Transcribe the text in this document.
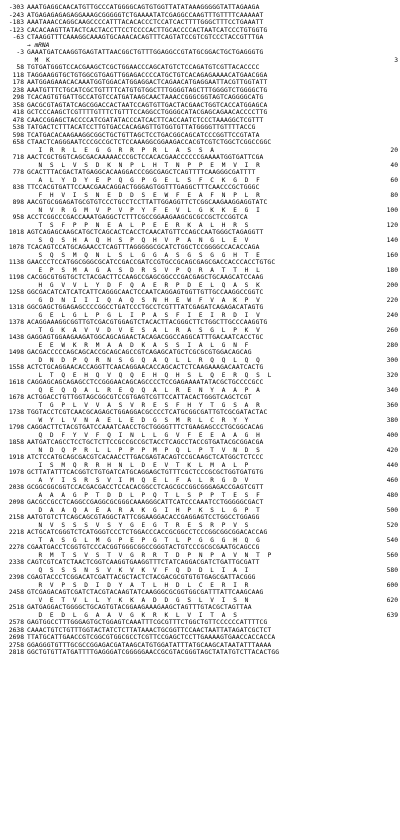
-303 AAATGAGGCAACATGTTGCCCATGGGGCAGTGTGGTTATATAAAGGGGGTATTAGAAGA
-243 ATGAGAGAGAGAGGAAAGCGGGGGTCTGAAAATATCGAGGCCAAGTTTGTTTTCAAAAAT
-183 AAATAAACCAGGCAAGCCCCATTTACACACCCTCCATCACTTTTGGGCTTTCCTGAAATT
-123 CACACAAGTTATACTCACTACCTTCCTCCCCACTTGCACCCCACTAATCATCCCTGTGGTG
-63 CTAAGGTTTCAAAGGCAAAGTGCAAACACAGTTTCAGTATCCGTCGTCCCTACCGTTTGA
→ mRNA
-3 GAAATGATCAAGGTGAGTATTAACGGCTGTTTGGAGGCCGTATGCGGACTGCTGAGGGTG
M  K	3
58 TGTGATGGGTCCACGAAGCTCGCTGGAACCCAGCATGTCTCCAGATGTCGTTACACCCC
118 TAGGAAGGTGCTGTGGCGTGAGTTGGAGACCCCATGCTGTCACAGAGAAAACATGAACGGA
178 AATGGAGAAACACAAATGGTGGACATGGAGGACTCAGAACATGAGGAATTACGTTGGTATT
238 AAATGTTTCTGCATCGCTGTTTTCATGTGTGGCTTTGGGGTAGCTTTGGGGTCTGGGGCTG
298 TCACAGTGTGATTGCCATGTCCATGATAAGCAACTAAACCGGGCGGTAGTCAGGGGCATG
358 GACGCGTAGTATCAGCGGACCACTAATCCAGTGTTGACTACGAACTGGTCACCATGGAGCA
418 GCTCCCAAGCTCGTTTTGTTTCTGTTTCCAGGCCTGGGGCATACGAGCAGAACACCCCTTG
478 CAACCGGAGCTACCCCATCGATATACCCATCACTTCACCAATCTCCCTAAAGGCTCGTTT
538 TATGACTCTTTACATCCTTGTGACCACAGAGTTGTGGTGTTATGGGGTTGTTTTACCG
598 TCATGACACAAGAAGGCGGCTGCTGTTAGCTCCTGACGGCAGCATCCCGGTTCCGTATA
658 CTAACTCAGGGAATCCCGCCGCTCTCCAAAGGCGGAAGACCACGTCGTCTGGCTCGGCCGGC
I  R  R  L  E  G  G  R  R  P  R  L  A  S  S  A	20
718 AACTCGCTGGTCAGCGACAAAAACCCGCTCCACACGAACCCCCCGAAAATGGTGATTCGA
N  S  L  V  S  D  K  N  P  L  H  T  N  P  P  E  M  V  I  R	40
778 GCACTTTACGACTATGAGGCACAAGGACCCGGCGAGCTCAGTTTTCAAGGGCGATTTT
A  L  Y  D  Y  E  P  Q  G  P  G  E  L  S  F  C  K  G  D  F	60
838 TTCCACGTGATTCCAACGAACAGGACTGGGAGTGGTTTGAGGCTTTCAACCCGCTGGGC
F  H  V  I  S  N  E  D  D  S  E  W  F  E  A  F  N  P  L  R	80
898 AACGTGCGGAGATGCGTGTCCCTGCCTCCTTATTGGAGGTTCTCGGCAAGAAGGAGGTATC
N  V  R  G  M  V  P  V  P  Y  F  E  V  L  G  K  K  E  G  I	100
958 ACCTCGGCCCGACCAAATGAGGCTCTTTCGCCGGAAGAAGCGCGCCGCTCCGGTCA
T  S  F  P  P  N  E  A  L  P  E  E  R  K  A  L  H  R  S	120
1018 AGTCAGAGCAAGCATGCTCAGCACTCACCTCAACATGTTCCAGCCAATGGGCTAGAGGTT
S  Q  S  H  A  Q  H  S  P  Q  H  V  P  A  N  G  L  E  V	140
1078 TCACAGTCCATGCAGAACCTCAGTTTAGGGGGCGCATCTGGCTCCGGGGCCACACCAGA
S  Q  S  M  Q  N  L  S  L  G  G  A  S  G  S  G  G  H  T  E	160
1138 GAACCCTCCATGGCGGGCGCATCCGACCGATCCGTGCCGCAGCGAGCGACCACCCACCTGTGC
E  P  S  M  A  G  A  S  D  R  S  V  P  Q  R  A  T  T  H  L	180
1198 CACGGCGTGGTGCTCTACGACTTCCAAGCCGAGCGGCCCGACGAGCTGCAAGCATCCAAG
H  G  V  V  L  Y  D  F  Q  A  E  R  P  D  E  L  Q  A  S  K	200
1258 GGCGACATCATCATCATTCAGGGCAACTCCAATCAGGAGTGGTTGTTGCCAAGGCCGGTC
G  D  N  I  I  I  Q  A  Q  S  N  H  E  W  F  V  A  K  P  V	220
1318 GGCGAGCTGGAGAGCCCCGGCCTGATCCCTGCCTCGTTTATCGAGATCAGAGACATAGTG
G  E  L  G  L  P  G  L  I  P  A  S  F  I  E  I  R  D  I  V	240
1378 ACAGGAAAGGCGGTTGTCGACGTGGAGTCTACACTTACGGGCTTCTGGCTTGCCCAAGGTG
T  G  K  A  V  V  D  V  E  S  A  L  R  A  S  G  L  P  K  V	260
1438 GAGGAGTGGAAGAAGATGGCAGCAGAACTACAGACGGCCAGGCATTTGACAATCACCTGC
E  E  W  K  R  M  A  A  D  K  A  S  S  I  A  L  G  N  F	280
1498 GACGACCCCCAGCAGCACCGCAGCAGCCGTCAGAGCATGCTCGCGCGTGGACAGCAG
D  N  D  P  Q  R  N  S  G  Q  A  Q  L  L  R  Q  Q  L  Q  Q	300
1558 ACTCTGCAGGAACACCAGGTTCAACAGGAACACCAGCACTCTCAAGAAAGACAATCACTG
L  T  Q  E  H  Q  V  Q  Q  E  H  Q  H  S  L  Q  E  R  Q  S  L	320
1618 CAGGAGCAGCAGAGCCTCCGGGAACAGCAGCCCCTCCGAGAAAATATACGCTGCCCCGCC
Q  E  Q  Q  A  L  R  E  Q  Q  A  L  R  E  N  Y  A  A  P  A	340
1678 ACTGGACCTGTTGGTAGCGGCGTCCGTGAGTCGTTCCATTACACTGGGTCAGCTCGT
T  G  P  L  V  V  A  S  V  R  E  S  F  H  Y  T  G  S  A  R	360
1738 TGGTACCTCGTCAACGCAGAGCTGGAGGACGCCCCTCATGCGGCGATTGTCGCGATACTAC
W  Y  L  V  N  A  E  L  E  D  G  S  M  R  L  C  R  Y  Y	380
1798 CAGGACTTCTACGTGATCCAAATCAACCTGCTGGGGTTTCTGAAGAGCCCTGCGGCACAG
Q  D  F  Y  V  F  Q  I  N  L  L  G  V  F  E  E  A  A  G  H	400
1858 AATGATCAGCCTCCTGCTCTTCCGCCGCCGCTACCTCAGCCTACCGTGATACGCGGACGA
N  D  Q  P  R  L  L  P  P  P  M  P  Q  L  P  T  V  N  D  S	420
1918 ATCTCCATGCAGCGACGTCACAACCTTGACGAGTACAGTCCGCAAGCTCATGGCTCTCCC
I  S  M  Q  R  R  H  N  L  D  E  V  T  K  L  M  A  L  P	440
1978 GCTTATATTTCACGGTCTGTGATCATGCAGGAGCTGTTTCGCTCCCGCGCTGGTGATGTG
A  Y  I  S  R  S  V  I  M  Q  E  L  F  A  L  R  G  D  V	460
2038 GCGGCGGCGGTCCACGACGACCTCCACACGGCCTCAGCGCCGGCGGGAGACCGAGTCGTT
A  A  A  G  P  T  D  D  L  P  Q  T  L  S  P  P  T  E  S  F	480
2098 GACGCCGCCTCAGGCCGAGGCGCGGGCAAAGGGCATTCATCCCAAATCCTGGGGGCGACT
D  A  A  Q  A  E  A  R  A  K  G  I  H  P  K  S  L  G  P  T	500
2158 AATGTGTCTTCAGCAGCGTAGGCTATTCGGAAGGACACCGAGGAGTCCTGGCCTGGAGG
N  V  S  S  S  V  S  Y  G  E  G  T  R  E  S  R  P  V  S	520
2218 ACTGCATCGGGTCTCATGGGTCCCTCTGGACCCACCGCGGCCTCCCGGCGGCGGACACCAG
T  A  S  G  L  M  G  P  E  P  G  T  L  P  G  G  G  H  Q  G	540
2278 CGAATGACCTCGGTGTCCCACGGTGGGCGGCCGGGTACTGTCCCGCGCGAATGCAGCCG
R  M  T  S  V  S  T  V  G  R  R  T  D  P  N  P  A  V  N  T  P	560
2338 CAGTCGTCATCTAACTCGGTCAAGGTGAAGGTTTCTATCAGGACGATCTGATTGCGATT
Q  S  S  S  N  S  V  K  V  K  V  F  Q  D  D  L  I  A  I	580
2398 CGAGTACCCTCGGACATCGATTACGCTACTCTACGACGCGTGTGTGAGCGATTACGGG
R  V  P  S  D  I  D  Y  A  T  L  H  D  L  C  E  R  I  R	600
2458 GTCGAGACAGTCGATCTACGTACAAGTATCAAGGGCGCGGTGGCGATTTATTCAAGCAAG
V  E  T  V  L  L  Y  K  K  A  D  D  G  S  L  V  I  S  N	620
2518 GATGAGGACTGGGGCTGCAGTGTACGGAAGAAAGAAGCTAGTTTGTACGCTAGTTAA
D  E  D  L  G  A  A  V  G  K  R  K  L  V  I  T  A  S	639
2578 GAGTGGCCTTTGGGAGTGCTGGAGTCAAATTTCGCGTTTCTGGCTGTTCCCCCCATTTTCG
2638 CAAACTGTCTGTTTGGTACTATCTCTTATAAACTGCGGTTCCAACTAATTATAGATCGCTCT
2698 TTATGCATTGAACCGTCGGCGTGGCGCCTCGTTCCGAGCTCCTTGAAAAGTGAACCACCACCA
2758 GGAGGGTGTTTGCGCCGGAGACGATAAGCATGTGGATATTTATGCAAGCATAATATTTAAAA
2818 GGCTGTGTTATGATTTTGAGGGATCGGGGGAACCGCGTACGGGTAGCTATATGTCTTACACTGG
